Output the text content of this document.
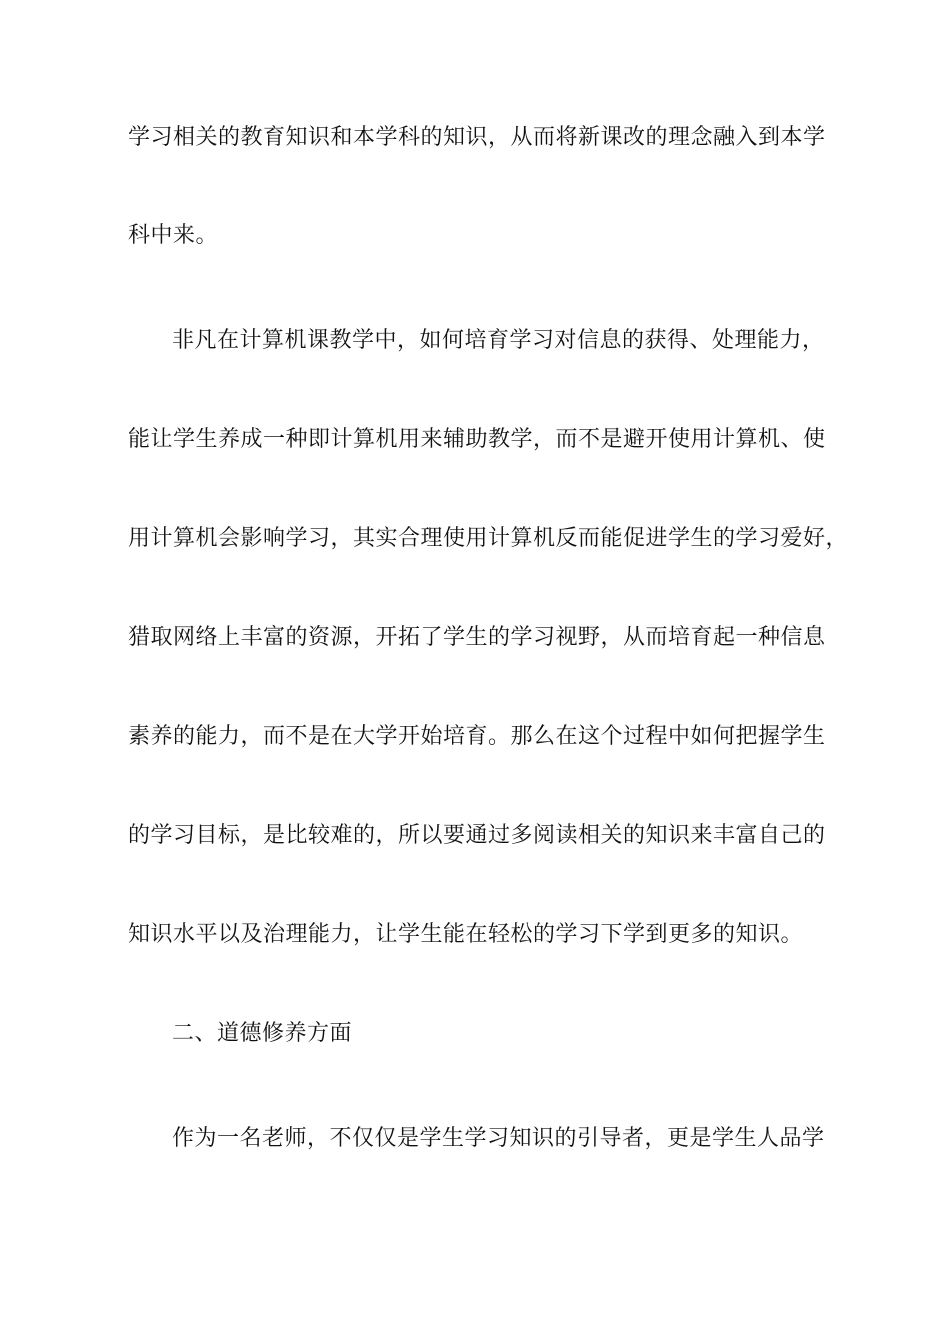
学习相关的教育知识和本学科的知识，从而将新课改的理念融入到本学
科中来。
非凡在计算机课教学中，如何培育学习对信息的获得、处理能力，
能让学生养成一种即计算机用来辅助教学，而不是避开使用计算机、使
用计算机会影响学习，其实合理使用计算机反而能促进学生的学习爱好，
猎取网络上丰富的资源，开拓了学生的学习视野，从而培育起一种信息
素养的能力，而不是在大学开始培育。那么在这个过程中如何把握学生
的学习目标，是比较难的，所以要通过多阅读相关的知识来丰富自己的
知识水平以及治理能力，让学生能在轻松的学习下学到更多的知识。
二、道德修养方面
作为一名老师，不仅仅是学生学习知识的引导者，更是学生人品学
